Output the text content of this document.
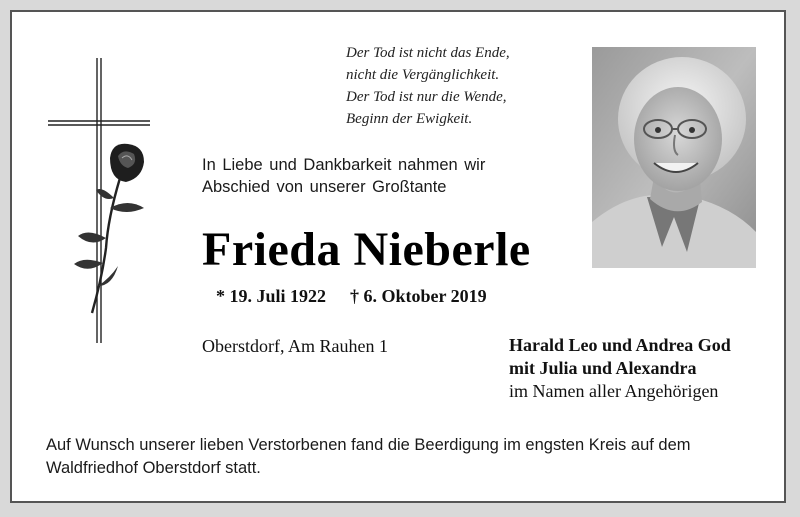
Der Tod ist nicht das Ende,
nicht die Vergänglichkeit.
Der Tod ist nur die Wende,
Beginn der Ewigkeit.
In Liebe und Dankbarkeit nahmen wir
Abschied von unserer Großtante
Frieda Nieberle
* 19. Juli 1922 † 6. Oktober 2019
Oberstdorf, Am Rauhen 1	Harald Leo und Andrea God
mit Julia und Alexandra
im Namen aller Angehörigen
Auf Wunsch unserer lieben Verstorbenen fand die Beerdigung im engsten Kreis auf dem Waldfriedhof Oberstdorf statt.
